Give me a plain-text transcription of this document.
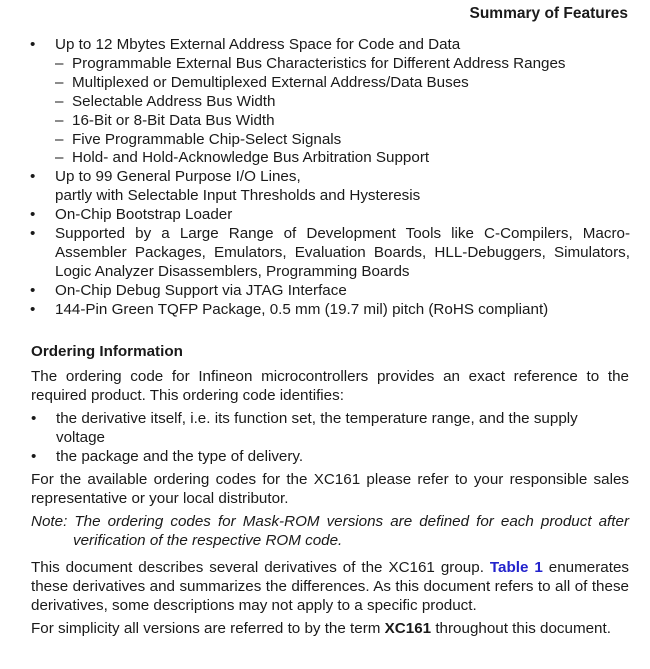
Summary of Features
• Up to 12 Mbytes External Address Space for Code and Data
– Programmable External Bus Characteristics for Different Address Ranges
– Multiplexed or Demultiplexed External Address/Data Buses
– Selectable Address Bus Width
– 16-Bit or 8-Bit Data Bus Width
– Five Programmable Chip-Select Signals
– Hold- and Hold-Acknowledge Bus Arbitration Support
• Up to 99 General Purpose I/O Lines,
partly with Selectable Input Thresholds and Hysteresis
• On-Chip Bootstrap Loader
• Supported by a Large Range of Development Tools like C-Compilers, Macro-Assembler Packages, Emulators, Evaluation Boards, HLL-Debuggers, Simulators, Logic Analyzer Disassemblers, Programming Boards
• On-Chip Debug Support via JTAG Interface
• 144-Pin Green TQFP Package, 0.5 mm (19.7 mil) pitch (RoHS compliant)
Ordering Information

The ordering code for Infineon microcontrollers provides an exact reference to the required product. This ordering code identifies:

• the derivative itself, i.e. its function set, the temperature range, and the supply voltage
• the package and the type of delivery.

For the available ordering codes for the XC161 please refer to your responsible sales representative or your local distributor.

Note: The ordering codes for Mask-ROM versions are defined for each product after verification of the respective ROM code.

This document describes several derivatives of the XC161 group. Table 1 enumerates these derivatives and summarizes the differences. As this document refers to all of these derivatives, some descriptions may not apply to a specific product.

For simplicity all versions are referred to by the term XC161 throughout this document.
